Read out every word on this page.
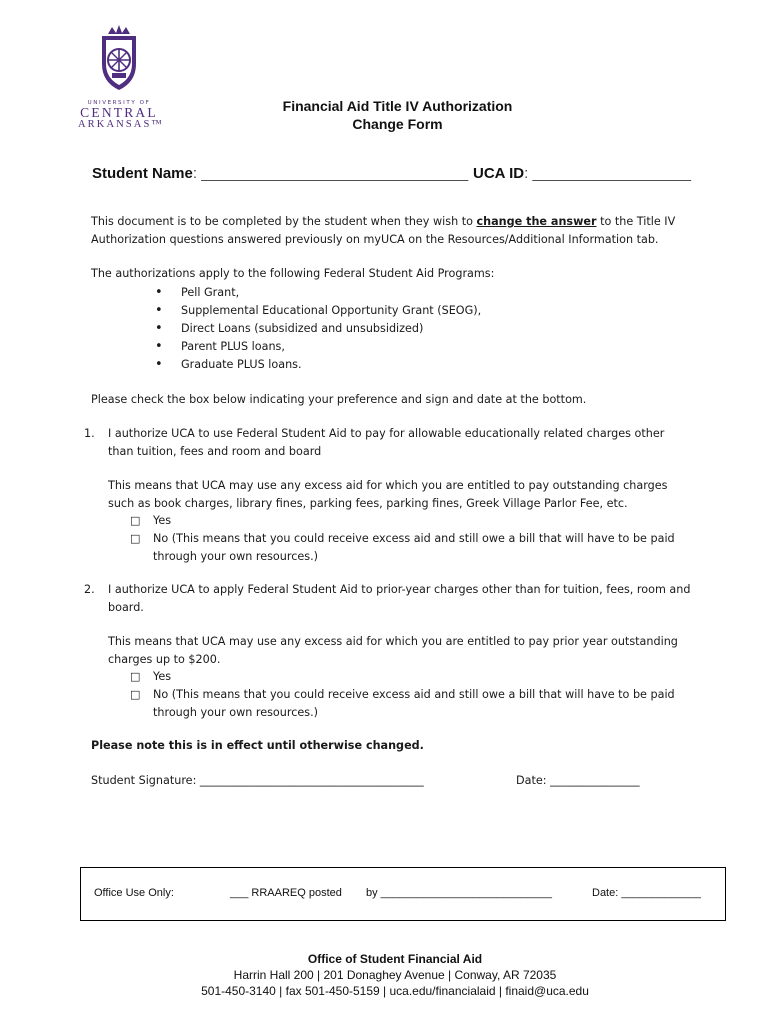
UNIVERSITY OF
CENTRAL
ARKANSAS™
Financial Aid Title IV Authorization
Change Form
Student Name: ________________________________ UCA ID: ___________________
This document is to be completed by the student when they wish to change the answer to the Title IV Authorization questions answered previously on myUCA on the Resources/Additional Information tab.
The authorizations apply to the following Federal Student Aid Programs:
•	Pell Grant,
•	Supplemental Educational Opportunity Grant (SEOG),
•	Direct Loans (subsidized and unsubsidized)
•	Parent PLUS loans,
•	Graduate PLUS loans.
Please check the box below indicating your preference and sign and date at the bottom.
1. I authorize UCA to use Federal Student Aid to pay for allowable educationally related charges other than tuition, fees and room and board
This means that UCA may use any excess aid for which you are entitled to pay outstanding charges such as book charges, library fines, parking fees, parking fines, Greek Village Parlor Fee, etc.
□	Yes
□	No (This means that you could receive excess aid and still owe a bill that will have to be paid through your own resources.)
2. I authorize UCA to apply Federal Student Aid to prior-year charges other than for tuition, fees, room and board.
This means that UCA may use any excess aid for which you are entitled to pay prior year outstanding charges up to $200.
□	Yes
□	No (This means that you could receive excess aid and still owe a bill that will have to be paid through your own resources.)
Please note this is in effect until otherwise changed.
Student Signature: ________________________________________	Date: ________________
Office Use Only:	___ RRAAREQ posted by ____________________________	Date: _____________
Office of Student Financial Aid
Harrin Hall 200 | 201 Donaghey Avenue | Conway, AR 72035
501-450-3140 | fax 501-450-5159 | uca.edu/financialaid | finaid@uca.edu
